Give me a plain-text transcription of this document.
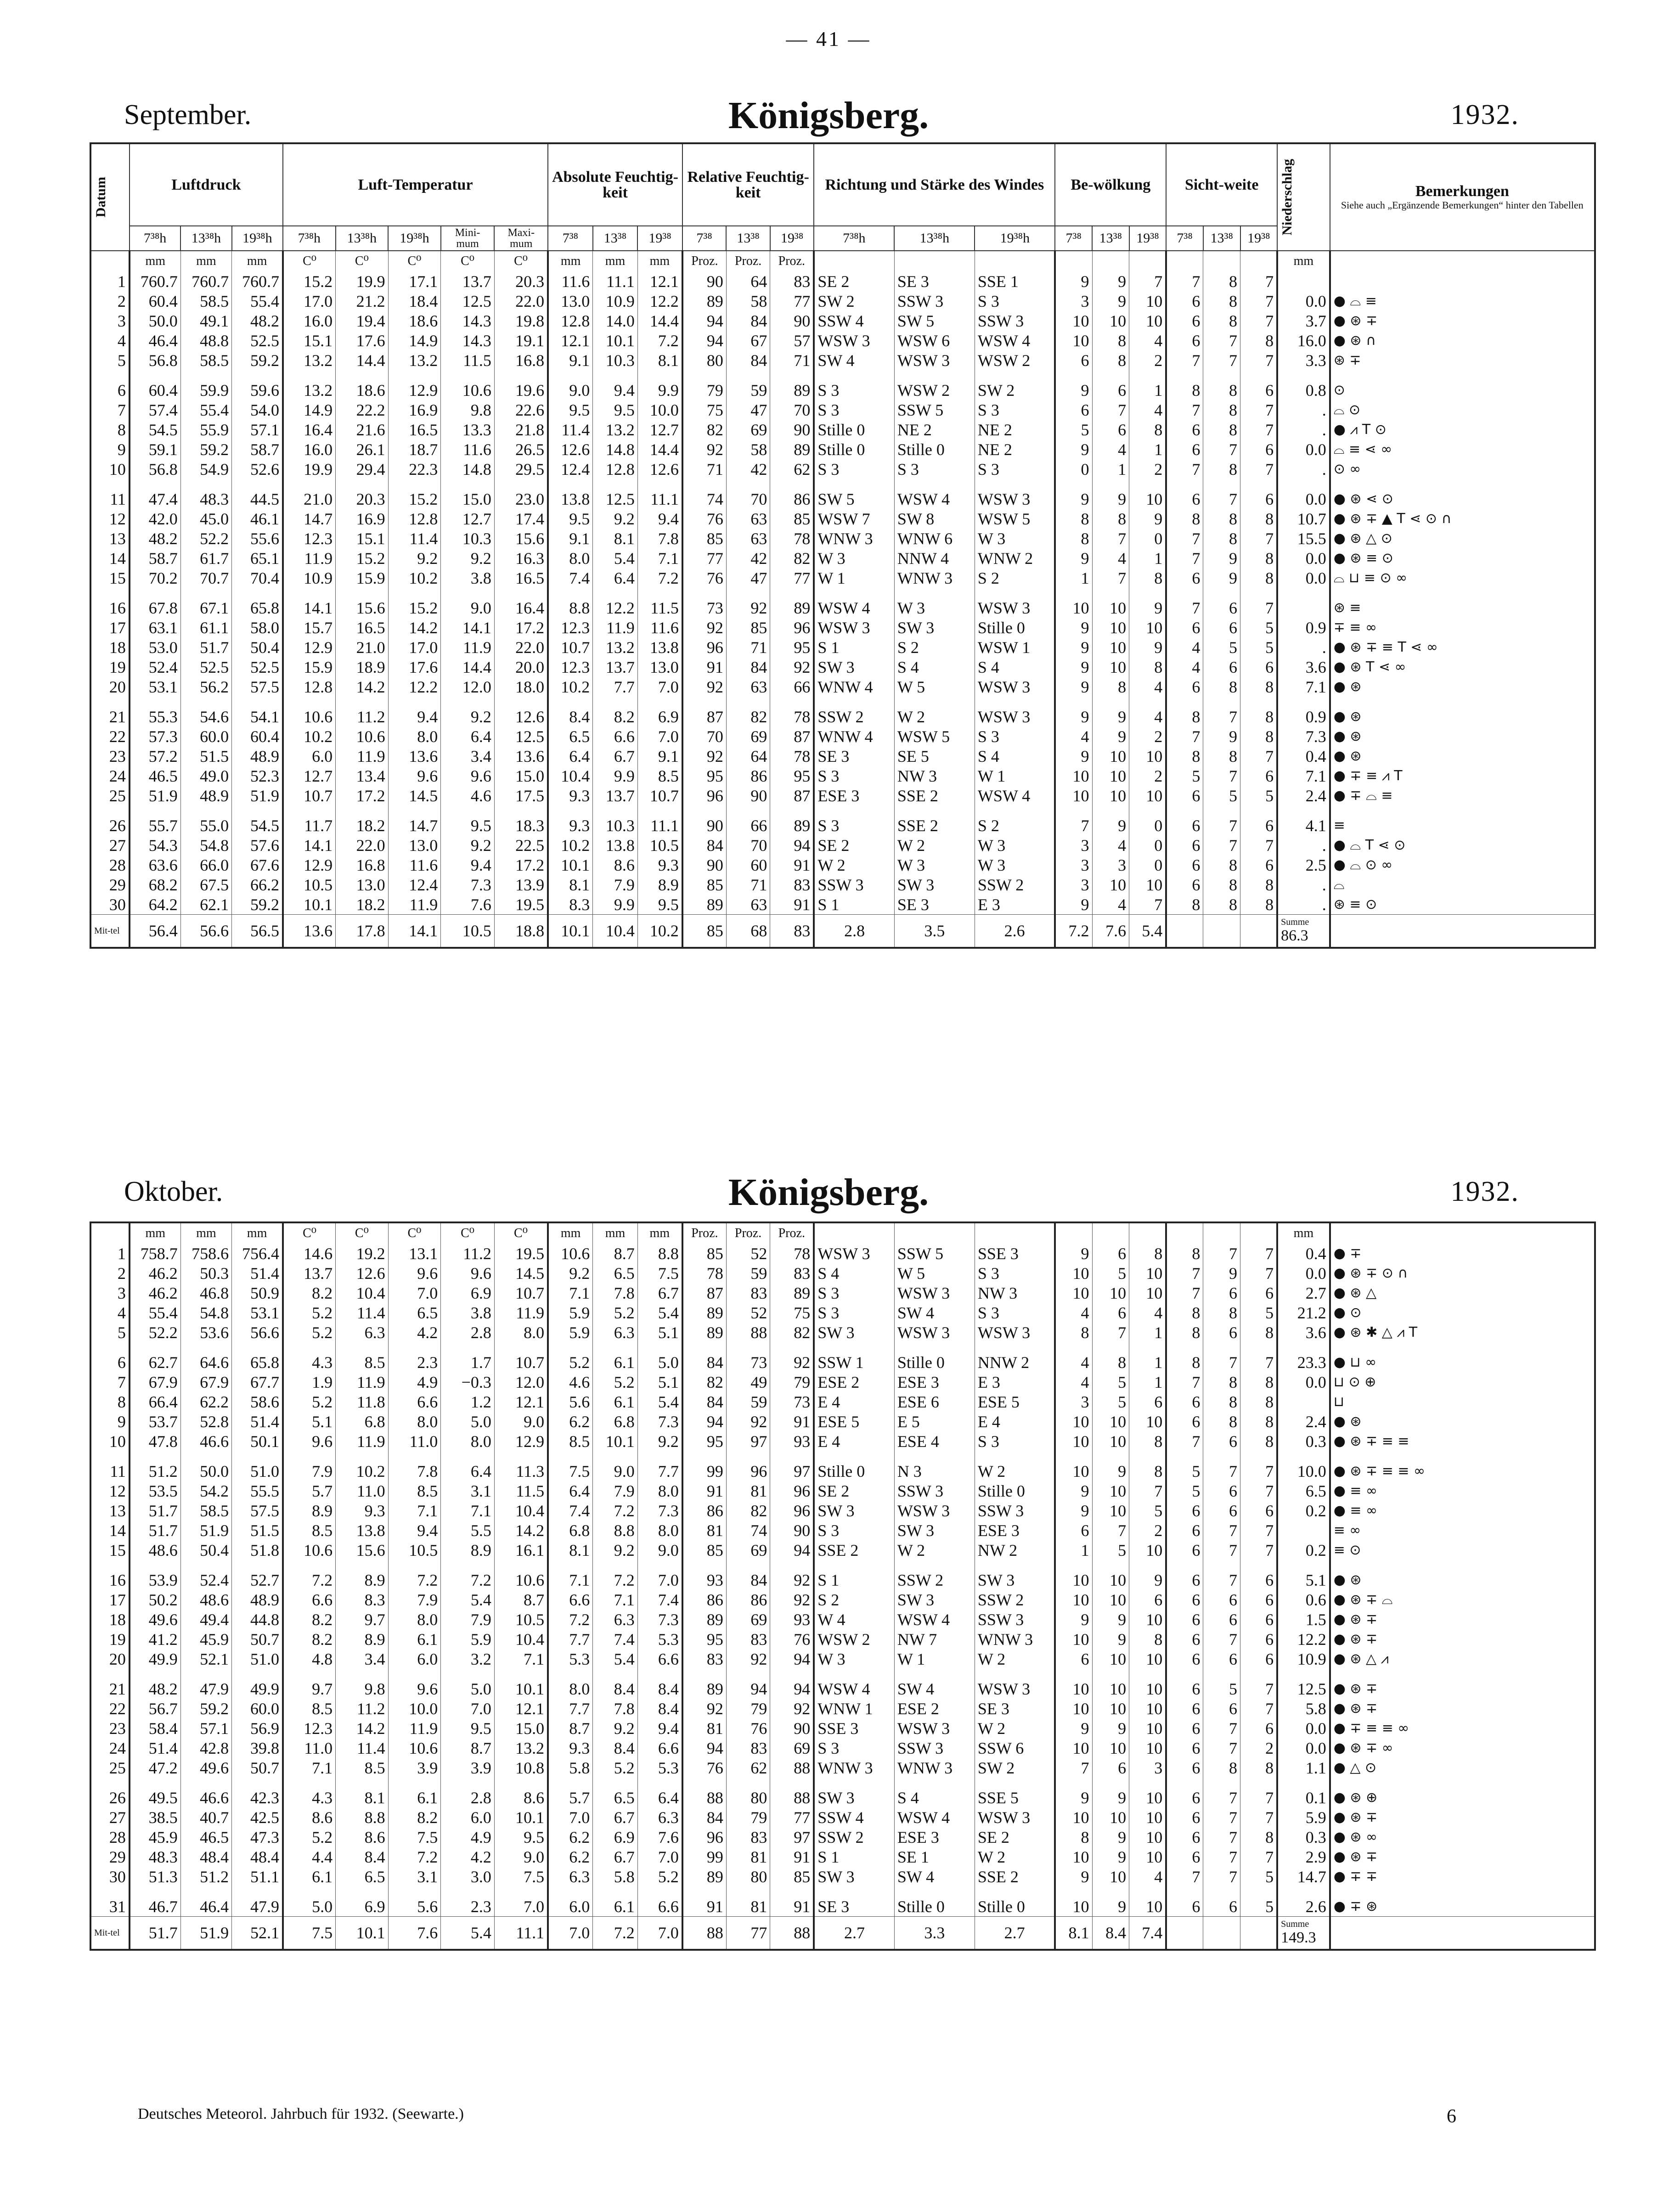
— 41 —
September.	Königsberg.	1932.
Datum	Luftdruck			Luft-Temperatur					Absolute Feuchtig-keit			Relative Feuchtig-keit			Richtung und Stärke des Windes			Be-wölkung			Sicht-weite			Niederschlag	Bemerkungen
Siehe auch „Ergänzende Bemerkungen“ hinter den Tabellen

	7³⁸h	13³⁸h	19³⁸h	7³⁸h	13³⁸h	19³⁸h	Mini-mum	Maxi-mum	7³⁸	13³⁸	19³⁸	7³⁸	13³⁸	19³⁸	7³⁸h	13³⁸h	19³⁸h	7³⁸	13³⁸	19³⁸	7³⁸	13³⁸	19³⁸		
	mm	mm	mm	C⁰	C⁰	C⁰	C⁰	C⁰	mm	mm	mm	Proz.	Proz.	Proz.										mm	
1	760.7	760.7	760.7	15.2	19.9	17.1	13.7	20.3	11.6	11.1	12.1	90	64	83	SE 2	SE 3	SSE 1	9	9	7	7	8	7		
2	60.4	58.5	55.4	17.0	21.2	18.4	12.5	22.0	13.0	10.9	12.2	89	58	77	SW 2	SSW 3	S 3	3	9	10	6	8	7	0.0	● ⌓ ≡
3	50.0	49.1	48.2	16.0	19.4	18.6	14.3	19.8	12.8	14.0	14.4	94	84	90	SSW 4	SW 5	SSW 3	10	10	10	6	8	7	3.7	● ⊛ ∓
4	46.4	48.8	52.5	15.1	17.6	14.9	14.3	19.1	12.1	10.1	7.2	94	67	57	WSW 3	WSW 6	WSW 4	10	8	4	6	7	8	16.0	● ⊛ ∩
5	56.8	58.5	59.2	13.2	14.4	13.2	11.5	16.8	9.1	10.3	8.1	80	84	71	SW 4	WSW 3	WSW 2	6	8	2	7	7	7	3.3	⊛ ∓
6	60.4	59.9	59.6	13.2	18.6	12.9	10.6	19.6	9.0	9.4	9.9	79	59	89	S 3	WSW 2	SW 2	9	6	1	8	8	6	0.8	⊙
7	57.4	55.4	54.0	14.9	22.2	16.9	9.8	22.6	9.5	9.5	10.0	75	47	70	S 3	SSW 5	S 3	6	7	4	7	8	7	.	⌓ ⊙
8	54.5	55.9	57.1	16.4	21.6	16.5	13.3	21.8	11.4	13.2	12.7	82	69	90	Stille 0	NE 2	NE 2	5	6	8	6	8	7	.	● ⩘ T ⊙
9	59.1	59.2	58.7	16.0	26.1	18.7	11.6	26.5	12.6	14.8	14.4	92	58	89	Stille 0	Stille 0	NE 2	9	4	1	6	7	6	0.0	⌓ ≡ ⋖ ∞
10	56.8	54.9	52.6	19.9	29.4	22.3	14.8	29.5	12.4	12.8	12.6	71	42	62	S 3	S 3	S 3	0	1	2	7	8	7	.	⊙ ∞
11	47.4	48.3	44.5	21.0	20.3	15.2	15.0	23.0	13.8	12.5	11.1	74	70	86	SW 5	WSW 4	WSW 3	9	9	10	6	7	6	0.0	● ⊛ ⋖ ⊙
12	42.0	45.0	46.1	14.7	16.9	12.8	12.7	17.4	9.5	9.2	9.4	76	63	85	WSW 7	SW 8	WSW 5	8	8	9	8	8	8	10.7	● ⊛ ∓ ▲ T ⋖ ⊙ ∩
13	48.2	52.2	55.6	12.3	15.1	11.4	10.3	15.6	9.1	8.1	7.8	85	63	78	WNW 3	WNW 6	W 3	8	7	0	7	8	7	15.5	● ⊛ △ ⊙
14	58.7	61.7	65.1	11.9	15.2	9.2	9.2	16.3	8.0	5.4	7.1	77	42	82	W 3	NNW 4	WNW 2	9	4	1	7	9	8	0.0	● ⊛ ≡ ⊙
15	70.2	70.7	70.4	10.9	15.9	10.2	3.8	16.5	7.4	6.4	7.2	76	47	77	W 1	WNW 3	S 2	1	7	8	6	9	8	0.0	⌓ ⊔ ≡ ⊙ ∞
16	67.8	67.1	65.8	14.1	15.6	15.2	9.0	16.4	8.8	12.2	11.5	73	92	89	WSW 4	W 3	WSW 3	10	10	9	7	6	7		⊛ ≡
17	63.1	61.1	58.0	15.7	16.5	14.2	14.1	17.2	12.3	11.9	11.6	92	85	96	WSW 3	SW 3	Stille 0	9	10	10	6	6	5	0.9	∓ ≡ ∞
18	53.0	51.7	50.4	12.9	21.0	17.0	11.9	22.0	10.7	13.2	13.8	96	71	95	S 1	S 2	WSW 1	9	10	9	4	5	5	.	● ⊛ ∓ ≡ T ⋖ ∞
19	52.4	52.5	52.5	15.9	18.9	17.6	14.4	20.0	12.3	13.7	13.0	91	84	92	SW 3	S 4	S 4	9	10	8	4	6	6	3.6	● ⊛ T ⋖ ∞
20	53.1	56.2	57.5	12.8	14.2	12.2	12.0	18.0	10.2	7.7	7.0	92	63	66	WNW 4	W 5	WSW 3	9	8	4	6	8	8	7.1	● ⊛
21	55.3	54.6	54.1	10.6	11.2	9.4	9.2	12.6	8.4	8.2	6.9	87	82	78	SSW 2	W 2	WSW 3	9	9	4	8	7	8	0.9	● ⊛
22	57.3	60.0	60.4	10.2	10.6	8.0	6.4	12.5	6.5	6.6	7.0	70	69	87	WNW 4	WSW 5	S 3	4	9	2	7	9	8	7.3	● ⊛
23	57.2	51.5	48.9	6.0	11.9	13.6	3.4	13.6	6.4	6.7	9.1	92	64	78	SE 3	SE 5	S 4	9	10	10	8	8	7	0.4	● ⊛
24	46.5	49.0	52.3	12.7	13.4	9.6	9.6	15.0	10.4	9.9	8.5	95	86	95	S 3	NW 3	W 1	10	10	2	5	7	6	7.1	● ∓ ≡ ⩘ T
25	51.9	48.9	51.9	10.7	17.2	14.5	4.6	17.5	9.3	13.7	10.7	96	90	87	ESE 3	SSE 2	WSW 4	10	10	10	6	5	5	2.4	● ∓ ⌓ ≡
26	55.7	55.0	54.5	11.7	18.2	14.7	9.5	18.3	9.3	10.3	11.1	90	66	89	S 3	SSE 2	S 2	7	9	0	6	7	6	4.1	≡
27	54.3	54.8	57.6	14.1	22.0	13.0	9.2	22.5	10.2	13.8	10.5	84	70	94	SE 2	W 2	W 3	3	4	0	6	7	7	.	● ⌓ T ⋖ ⊙
28	63.6	66.0	67.6	12.9	16.8	11.6	9.4	17.2	10.1	8.6	9.3	90	60	91	W 2	W 3	W 3	3	3	0	6	8	6	2.5	● ⌓ ⊙ ∞
29	68.2	67.5	66.2	10.5	13.0	12.4	7.3	13.9	8.1	7.9	8.9	85	71	83	SSW 3	SW 3	SSW 2	3	10	10	6	8	8	.	⌓
30	64.2	62.1	59.2	10.1	18.2	11.9	7.6	19.5	8.3	9.9	9.5	89	63	91	S 1	SE 3	E 3	9	4	7	8	8	8	.	⊛ ≡ ⊙
Mit-tel	56.4	56.6	56.5	13.6	17.8	14.1	10.5	18.8	10.1	10.4	10.2	85	68	83	2.8	3.5	2.6	7.2	7.6	5.4				Summe
86.3	

Oktober.	Königsberg.	1932.
	mm	mm	mm	C⁰	C⁰	C⁰	C⁰	C⁰	mm	mm	mm	Proz.	Proz.	Proz.										mm	
1	758.7	758.6	756.4	14.6	19.2	13.1	11.2	19.5	10.6	8.7	8.8	85	52	78	WSW 3	SSW 5	SSE 3	9	6	8	8	7	7	0.4	● ∓
2	46.2	50.3	51.4	13.7	12.6	9.6	9.6	14.5	9.2	6.5	7.5	78	59	83	S 4	W 5	S 3	10	5	10	7	9	7	0.0	● ⊛ ∓ ⊙ ∩
3	46.2	46.8	50.9	8.2	10.4	7.0	6.9	10.7	7.1	7.8	6.7	87	83	89	S 3	WSW 3	NW 3	10	10	10	7	6	6	2.7	● ⊛ △
4	55.4	54.8	53.1	5.2	11.4	6.5	3.8	11.9	5.9	5.2	5.4	89	52	75	S 3	SW 4	S 3	4	6	4	8	8	5	21.2	● ⊙
5	52.2	53.6	56.6	5.2	6.3	4.2	2.8	8.0	5.9	6.3	5.1	89	88	82	SW 3	WSW 3	WSW 3	8	7	1	8	6	8	3.6	● ⊛ ✱ △ ⩘ T
6	62.7	64.6	65.8	4.3	8.5	2.3	1.7	10.7	5.2	6.1	5.0	84	73	92	SSW 1	Stille 0	NNW 2	4	8	1	8	7	7	23.3	● ⊔ ∞
7	67.9	67.9	67.7	1.9	11.9	4.9	−0.3	12.0	4.6	5.2	5.1	82	49	79	ESE 2	ESE 3	E 3	4	5	1	7	8	8	0.0	⊔ ⊙ ⊕
8	66.4	62.2	58.6	5.2	11.8	6.6	1.2	12.1	5.6	6.1	5.4	84	59	73	E 4	ESE 6	ESE 5	3	5	6	6	8	8		⊔
9	53.7	52.8	51.4	5.1	6.8	8.0	5.0	9.0	6.2	6.8	7.3	94	92	91	ESE 5	E 5	E 4	10	10	10	6	8	8	2.4	● ⊛
10	47.8	46.6	50.1	9.6	11.9	11.0	8.0	12.9	8.5	10.1	9.2	95	97	93	E 4	ESE 4	S 3	10	10	8	7	6	8	0.3	● ⊛ ∓ ≡ ≡
11	51.2	50.0	51.0	7.9	10.2	7.8	6.4	11.3	7.5	9.0	7.7	99	96	97	Stille 0	N 3	W 2	10	9	8	5	7	7	10.0	● ⊛ ∓ ≡ ≡ ∞
12	53.5	54.2	55.5	5.7	11.0	8.5	3.1	11.5	6.4	7.9	8.0	91	81	96	SE 2	SSW 3	Stille 0	9	10	7	5	6	7	6.5	● ≡ ∞
13	51.7	58.5	57.5	8.9	9.3	7.1	7.1	10.4	7.4	7.2	7.3	86	82	96	SW 3	WSW 3	SSW 3	9	10	5	6	6	6	0.2	● ≡ ∞
14	51.7	51.9	51.5	8.5	13.8	9.4	5.5	14.2	6.8	8.8	8.0	81	74	90	S 3	SW 3	ESE 3	6	7	2	6	7	7		≡ ∞
15	48.6	50.4	51.8	10.6	15.6	10.5	8.9	16.1	8.1	9.2	9.0	85	69	94	SSE 2	W 2	NW 2	1	5	10	6	7	7	0.2	≡ ⊙
16	53.9	52.4	52.7	7.2	8.9	7.2	7.2	10.6	7.1	7.2	7.0	93	84	92	S 1	SSW 2	SW 3	10	10	9	6	7	6	5.1	● ⊛
17	50.2	48.6	48.9	6.6	8.3	7.9	5.4	8.7	6.6	7.1	7.4	86	86	92	S 2	SW 3	SSW 2	10	10	6	6	6	6	0.6	● ⊛ ∓ ⌓
18	49.6	49.4	44.8	8.2	9.7	8.0	7.9	10.5	7.2	6.3	7.3	89	69	93	W 4	WSW 4	SSW 3	9	9	10	6	6	6	1.5	● ⊛ ∓
19	41.2	45.9	50.7	8.2	8.9	6.1	5.9	10.4	7.7	7.4	5.3	95	83	76	WSW 2	NW 7	WNW 3	10	9	8	6	7	6	12.2	● ⊛ ∓
20	49.9	52.1	51.0	4.8	3.4	6.0	3.2	7.1	5.3	5.4	6.6	83	92	94	W 3	W 1	W 2	6	10	10	6	6	6	10.9	● ⊛ △ ⩘
21	48.2	47.9	49.9	9.7	9.8	9.6	5.0	10.1	8.0	8.4	8.4	89	94	94	WSW 4	SW 4	WSW 3	10	10	10	6	5	7	12.5	● ⊛ ∓
22	56.7	59.2	60.0	8.5	11.2	10.0	7.0	12.1	7.7	7.8	8.4	92	79	92	WNW 1	ESE 2	SE 3	10	10	10	6	6	7	5.8	● ⊛ ∓
23	58.4	57.1	56.9	12.3	14.2	11.9	9.5	15.0	8.7	9.2	9.4	81	76	90	SSE 3	WSW 3	W 2	9	9	10	6	7	6	0.0	● ∓ ≡ ≡ ∞
24	51.4	42.8	39.8	11.0	11.4	10.6	8.7	13.2	9.3	8.4	6.6	94	83	69	S 3	SSW 3	SSW 6	10	10	10	6	7	2	0.0	● ⊛ ∓ ∞
25	47.2	49.6	50.7	7.1	8.5	3.9	3.9	10.8	5.8	5.2	5.3	76	62	88	WNW 3	WNW 3	SW 2	7	6	3	6	8	8	1.1	● △ ⊙
26	49.5	46.6	42.3	4.3	8.1	6.1	2.8	8.6	5.7	6.5	6.4	88	80	88	SW 3	S 4	SSE 5	9	9	10	6	7	7	0.1	● ⊛ ⊕
27	38.5	40.7	42.5	8.6	8.8	8.2	6.0	10.1	7.0	6.7	6.3	84	79	77	SSW 4	WSW 4	WSW 3	10	10	10	6	7	7	5.9	● ⊛ ∓
28	45.9	46.5	47.3	5.2	8.6	7.5	4.9	9.5	6.2	6.9	7.6	96	83	97	SSW 2	ESE 3	SE 2	8	9	10	6	7	8	0.3	● ⊛ ∞
29	48.3	48.4	48.4	4.4	8.4	7.2	4.2	9.0	6.2	6.7	7.0	99	81	91	S 1	SE 1	W 2	10	9	10	6	7	7	2.9	● ⊛ ∓
30	51.3	51.2	51.1	6.1	6.5	3.1	3.0	7.5	6.3	5.8	5.2	89	80	85	SW 3	SW 4	SSE 2	9	10	4	7	7	5	14.7	● ∓ ∓
31	46.7	46.4	47.9	5.0	6.9	5.6	2.3	7.0	6.0	6.1	6.6	91	81	91	SE 3	Stille 0	Stille 0	10	9	10	6	6	5	2.6	● ∓ ⊛
Mit-tel	51.7	51.9	52.1	7.5	10.1	7.6	5.4	11.1	7.0	7.2	7.0	88	77	88	2.7	3.3	2.7	8.1	8.4	7.4				Summe
149.3	

Deutsches Meteorol. Jahrbuch für 1932. (Seewarte.)	6
